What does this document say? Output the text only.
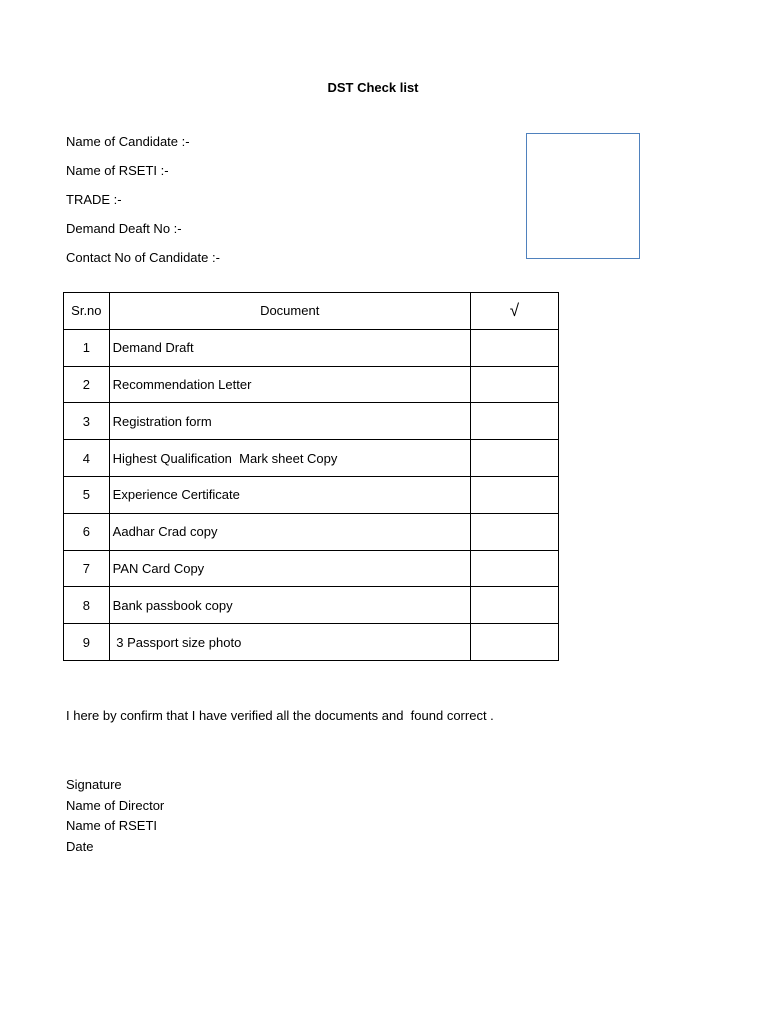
DST Check list
Name of Candidate :-
Name of RSETI :-
TRADE :-
Demand Deaft No :-
Contact No of Candidate :-
Sr.no	Document	√
1	Demand Draft	
2	Recommendation Letter	
3	Registration form	
4	Highest Qualification  Mark sheet Copy	
5	Experience Certificate	
6	Aadhar Crad copy	
7	PAN Card Copy	
8	Bank passbook copy	
9	3 Passport size photo	
I here by confirm that I have verified all the documents and  found correct .
Signature
Name of Director
Name of RSETI
Date
